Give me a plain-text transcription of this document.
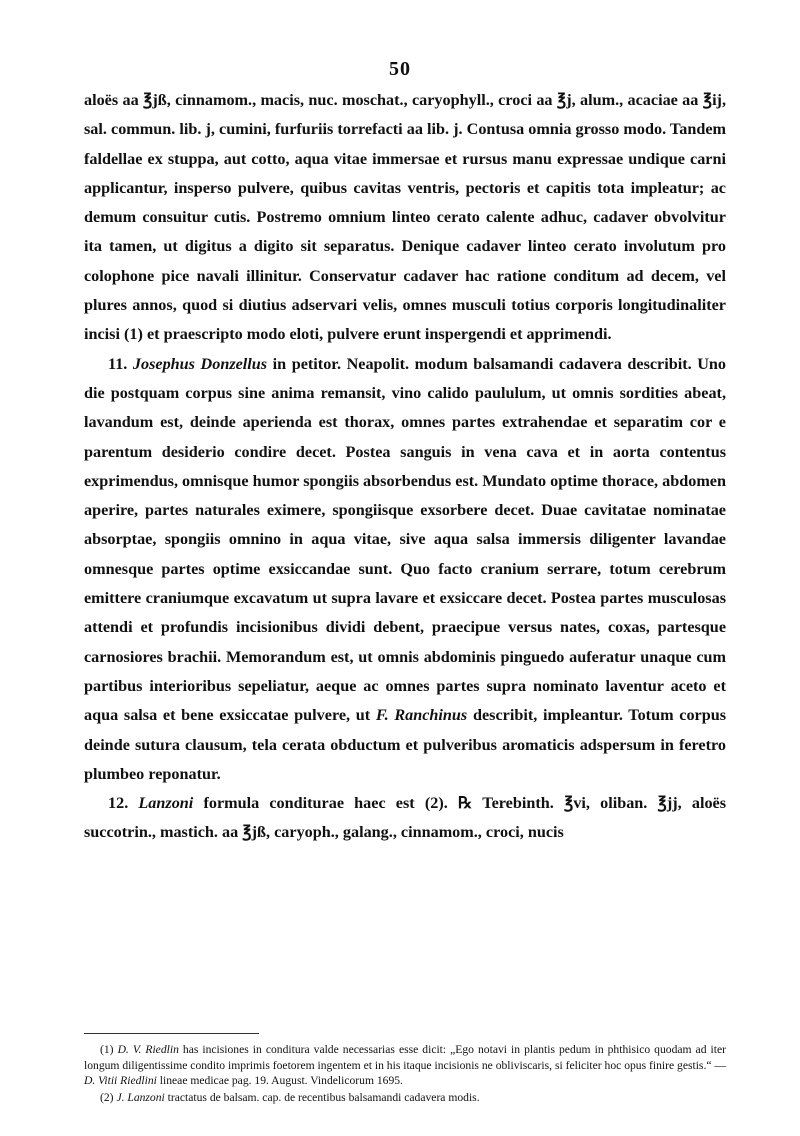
50

aloës aa ℥jß, cinnamom., macis, nuc. moschat., caryophyll., croci aa ℥j, alum., acaciae aa ℥ij, sal. commun. lib. j, cumini, furfuriis torrefacti aa lib. j. Contusa omnia grosso modo. Tandem faldellae ex stuppa, aut cotto, aqua vitae immersae et rursus manu expressae undique carni applicantur, insperso pulvere, quibus cavitas ventris, pectoris et capitis tota impleatur; ac demum consuitur cutis. Postremo omnium linteo cerato calente adhuc, cadaver obvolvitur ita tamen, ut digitus a digito sit separatus. Denique cadaver linteo cerato involutum pro colophone pice navali illinitur. Conservatur cadaver hac ratione conditum ad decem, vel plures annos, quod si diutius adservari velis, omnes musculi totius corporis longitudinaliter incisi (1) et praescripto modo eloti, pulvere erunt inspergendi et apprimendi.

11. Josephus Donzellus in petitor. Neapolit. modum balsamandi cadavera describit. Uno die postquam corpus sine anima remansit, vino calido paululum, ut omnis sordities abeat, lavandum est, deinde aperienda est thorax, omnes partes extrahendae et separatim cor e parentum desiderio condire decet. Postea sanguis in vena cava et in aorta contentus exprimendus, omnisque humor spongiis absorbendus est. Mundato optime thorace, abdomen aperire, partes naturales eximere, spongiisque exsorbere decet. Duae cavitatae nominatae absorptae, spongiis omnino in aqua vitae, sive aqua salsa immersis diligenter lavandae omnesque partes optime exsiccandae sunt. Quo facto cranium serrare, totum cerebrum emittere craniumque excavatum ut supra lavare et exsiccare decet. Postea partes musculosas attendi et profundis incisionibus dividi debent, praecipue versus nates, coxas, partesque carnosiores brachii. Memorandum est, ut omnis abdominis pinguedo auferatur unaque cum partibus interioribus sepeliatur, aeque ac omnes partes supra nominato laventur aceto et aqua salsa et bene exsiccatae pulvere, ut F. Ranchinus describit, impleantur. Totum corpus deinde sutura clausum, tela cerata obductum et pulveribus aromaticis adspersum in feretro plumbeo reponatur.

12. Lanzoni formula conditurae haec est (2). ℞ Terebinth. ℥vi, oliban. ℥jj, aloës succotrin., mastich. aa ℥jß, caryoph., galang., cinnamom., croci, nucis

(1) D. V. Riedlin has incisiones in conditura valde necessarias esse dicit: „Ego notavi in plantis pedum in phthisico quodam ad iter longum diligentissime condito imprimis foetorem ingentem et in his itaque incisionis ne obliviscaris, si feliciter hoc opus finire gestis.“ — D. Vitii Riedlini lineae medicae pag. 19. August. Vindelicorum 1695.

(2) J. Lanzoni tractatus de balsam. cap. de recentibus balsamandi cadavera modis.
